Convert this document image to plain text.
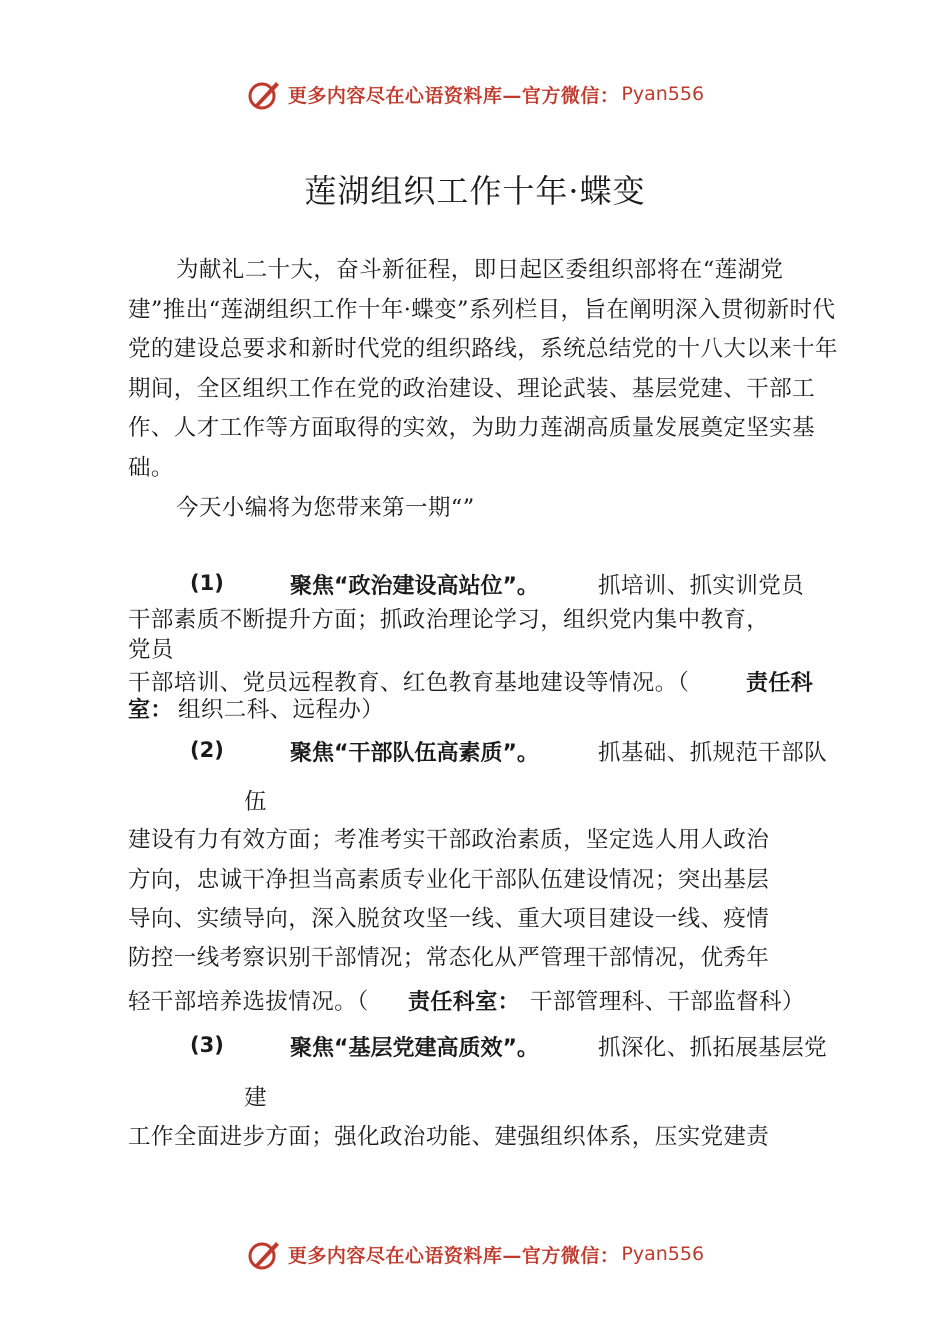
更多内容尽在心语资料库—官方微信： Pyan556
莲湖组织工作十年·蝶变

为献礼二十大，奋斗新征程，即日起区委组织部将在“莲湖党建”推出“莲湖组织工作十年·蝶变”系列栏目，旨在阐明深入贯彻新时代党的建设总要求和新时代党的组织路线，系统总结党的十八大以来十年期间，全区组织工作在党的政治建设、理论武装、基层党建、干部工作、人才工作等方面取得的实效，为助力莲湖高质量发展奠定坚实基础。

今天小编将为您带来第一期“”

(1)	聚焦“政治建设高站位”。	抓培训、抓实训党员
干部素质不断提升方面；抓政治理论学习，组织党内集中教育，
党员
干部培训、党员远程教育、红色教育基地建设等情况。（	责任科
室： 组织二科、远程办）
(2)	聚焦“干部队伍高素质”。	抓基础、抓规范干部队
伍
建设有力有效方面；考准考实干部政治素质，坚定选人用人政治
方向，忠诚干净担当高素质专业化干部队伍建设情况；突出基层
导向、实绩导向，深入脱贫攻坚一线、重大项目建设一线、疫情
防控一线考察识别干部情况；常态化从严管理干部情况，优秀年
轻干部培养选拔情况。（ 责任科室： 干部管理科、干部监督科）
(3)	聚焦“基层党建高质效”。	抓深化、抓拓展基层党
建
工作全面进步方面；强化政治功能、建强组织体系，压实党建责
更多内容尽在心语资料库—官方微信： Pyan556
